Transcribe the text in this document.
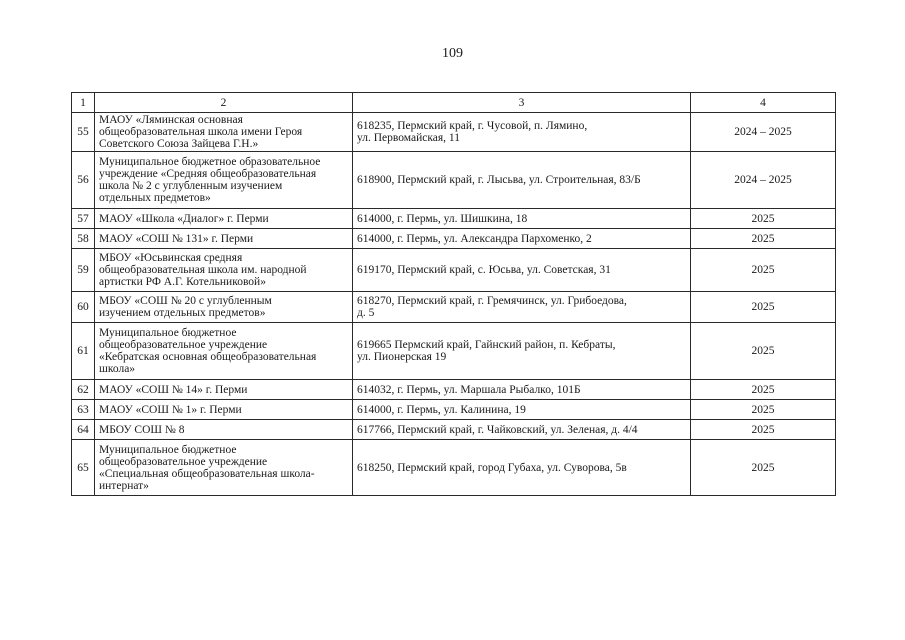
109
1	2	3	4
55	МАОУ «Ляминская основная
общеобразовательная школа имени Героя
Советского Союза Зайцева Г.Н.»	618235, Пермский край, г. Чусовой, п. Лямино,
ул. Первомайская, 11	2024 – 2025
56	Муниципальное бюджетное образовательное
учреждение «Средняя общеобразовательная
школа № 2 с углубленным изучением
отдельных предметов»	618900, Пермский край, г. Лысьва, ул. Строительная, 83/Б	2024 – 2025
57	МАОУ «Школа «Диалог» г. Перми	614000, г. Пермь, ул. Шишкина, 18	2025
58	МАОУ «СОШ № 131» г. Перми	614000, г. Пермь, ул. Александра Пархоменко, 2	2025
59	МБОУ «Юсьвинская средняя
общеобразовательная школа им. народной
артистки РФ А.Г. Котельниковой»	619170, Пермский край, с. Юсьва, ул. Советская, 31	2025
60	МБОУ «СОШ № 20 с углубленным
изучением отдельных предметов»	618270, Пермский край, г. Гремячинск, ул. Грибоедова,
д. 5	2025
61	Муниципальное бюджетное
общеобразовательное учреждение
«Кебратская основная общеобразовательная
школа»	619665 Пермский край, Гайнский район, п. Кебраты,
ул. Пионерская 19	2025
62	МАОУ «СОШ № 14» г. Перми	614032, г. Пермь, ул. Маршала Рыбалко, 101Б	2025
63	МАОУ «СОШ № 1» г. Перми	614000, г. Пермь, ул. Калинина, 19	2025
64	МБОУ СОШ № 8	617766, Пермский край, г. Чайковский, ул. Зеленая, д. 4/4	2025
65	Муниципальное бюджетное
общеобразовательное учреждение
«Специальная общеобразовательная школа-
интернат»	618250, Пермский край, город Губаха, ул. Суворова, 5в	2025
